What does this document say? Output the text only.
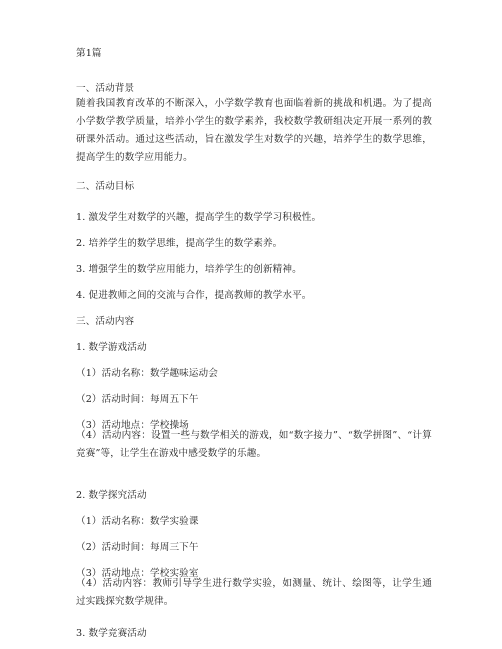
第1篇
一、活动背景
随着我国教育改革的不断深入，小学数学教育也面临着新的挑战和机遇。为了提高小学数学教学质量，培养小学生的数学素养，我校数学教研组决定开展一系列的教研课外活动。通过这些活动，旨在激发学生对数学的兴趣，培养学生的数学思维，提高学生的数学应用能力。
二、活动目标
1. 激发学生对数学的兴趣，提高学生的数学学习积极性。
2. 培养学生的数学思维，提高学生的数学素养。
3. 增强学生的数学应用能力，培养学生的创新精神。
4. 促进教师之间的交流与合作，提高教师的教学水平。
三、活动内容
1. 数学游戏活动
（1）活动名称：数学趣味运动会
（2）活动时间：每周五下午
（3）活动地点：学校操场
（4）活动内容：设置一些与数学相关的游戏，如“数字接力”、“数学拼图”、“计算竞赛”等，让学生在游戏中感受数学的乐趣。
2. 数学探究活动
（1）活动名称：数学实验课
（2）活动时间：每周三下午
（3）活动地点：学校实验室
（4）活动内容：教师引导学生进行数学实验，如测量、统计、绘图等，让学生通过实践探究数学规律。
3. 数学竞赛活动
